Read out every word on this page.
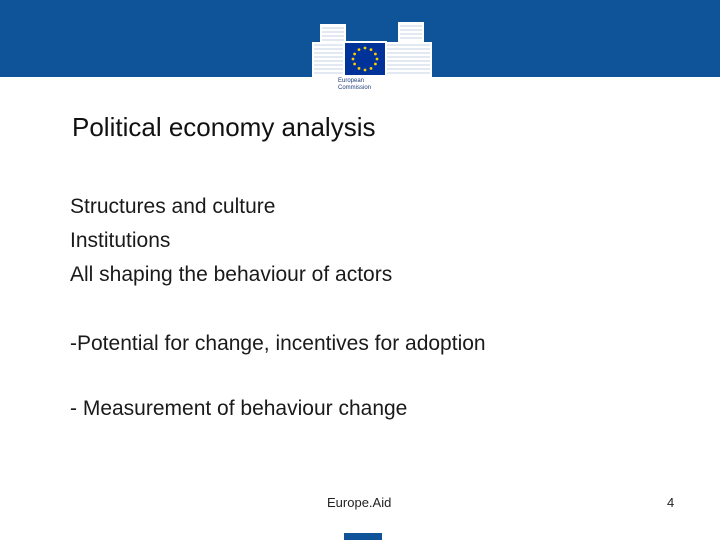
European
Commission
Political economy analysis
Structures and culture
Institutions
All shaping the behaviour of actors
-Potential for change, incentives for adoption
- Measurement of behaviour change
Europe.Aid	4
